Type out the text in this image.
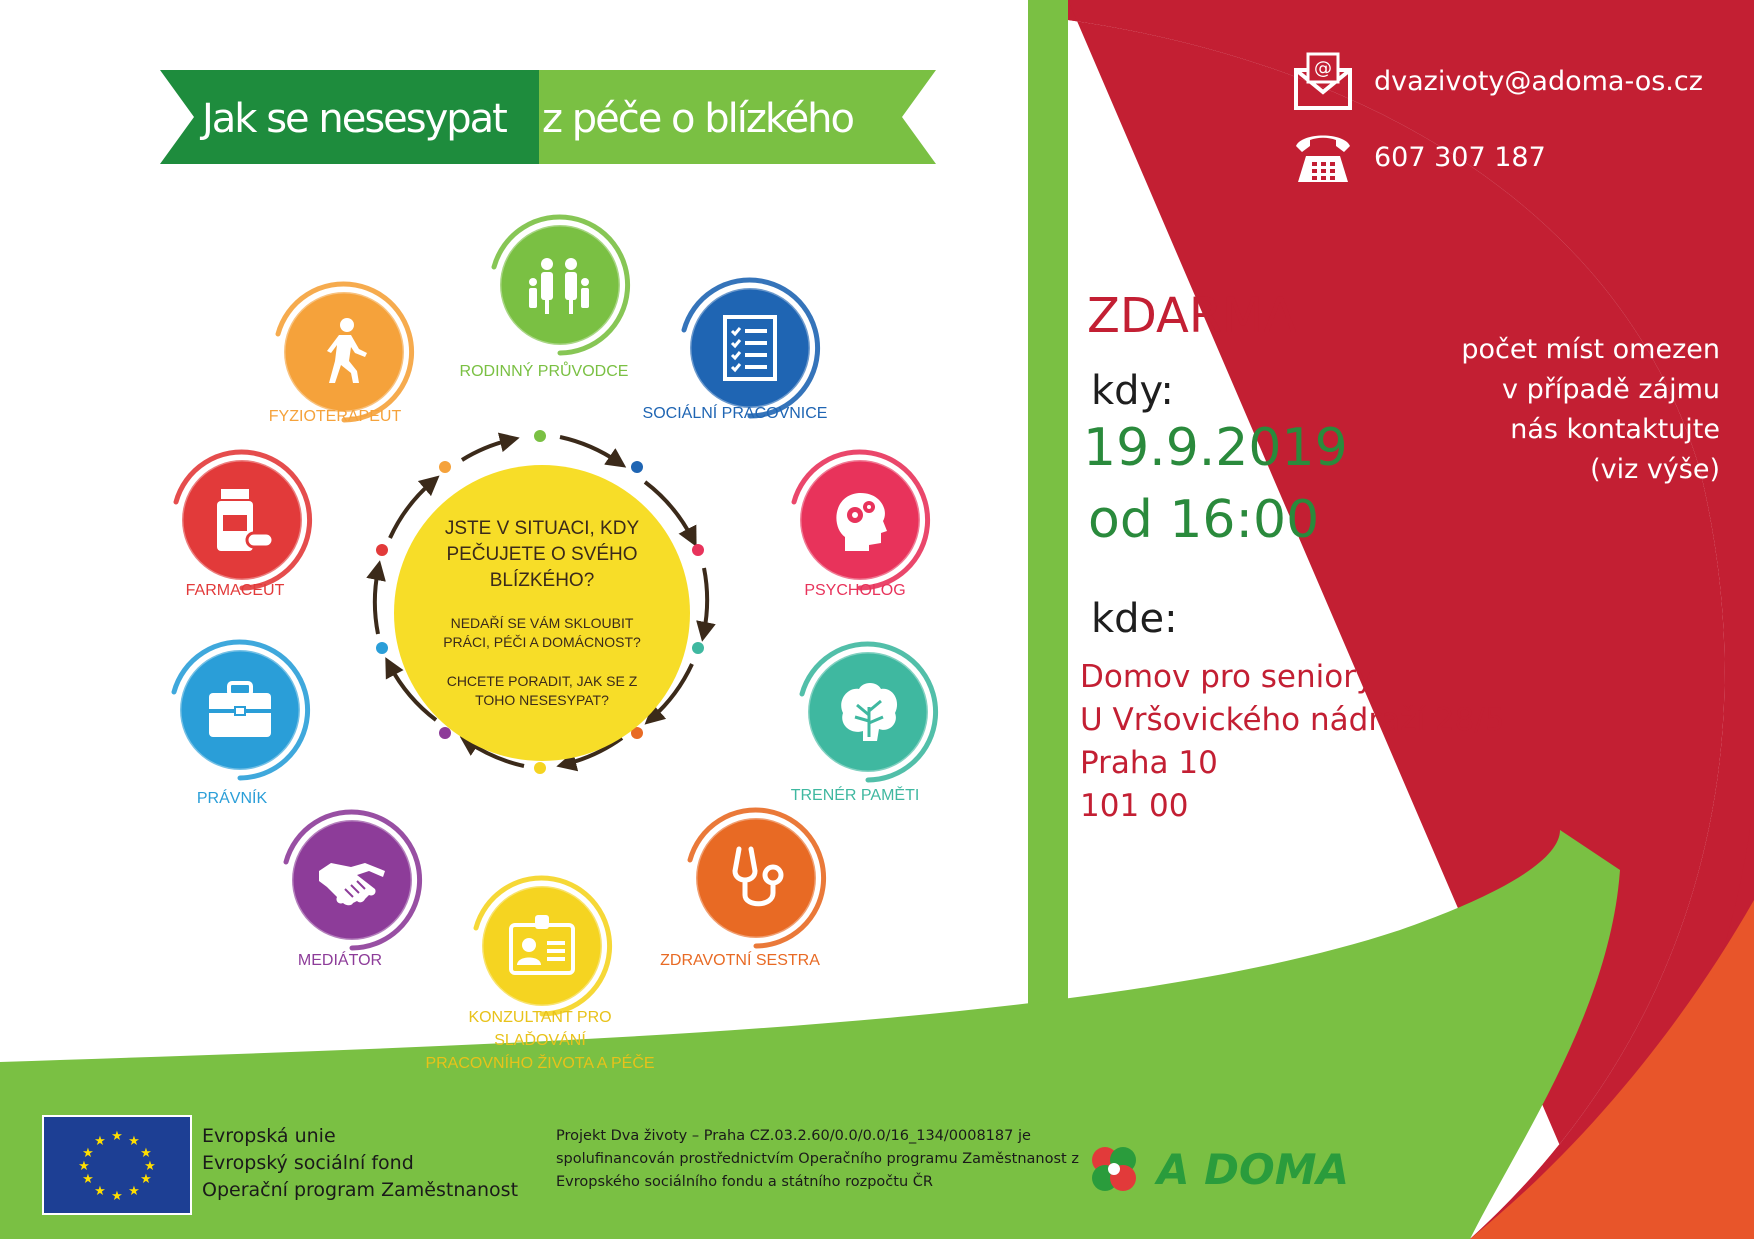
Jak se nesesypat z péče o blízkého
JSTE V SITUACI, KDY PEČUJETE O SVÉHO BLÍZKÉHO?
NEDAŘÍ SE VÁM SKLOUBIT PRÁCI, PÉČI A DOMÁCNOST?
CHCETE PORADIT, JAK SE Z TOHO NESESYPAT?
RODINNÝ PRŮVODCE
SOCIÁLNÍ PRACOVNICE
PSYCHOLOG
TRENÉR PAMĚTI
ZDRAVOTNÍ SESTRA
KONZULTANT PRO
SLAĎOVÁNÍ
PRACOVNÍHO ŽIVOTA A PÉČE
MEDIÁTOR
PRÁVNÍK
FARMACEUT
FYZIOTERAPEUT
@ dvazivoty@adoma-os.cz
607 307 187
ZDARMA
kdy:
19.9.2019
od 16:00
kde:
Domov pro seniory
U Vršovického nádraží 28/5
Praha 10
101 00
počet míst omezen
v případě zájmu
nás kontaktujte
(viz výše)
★ ★
★
★
★
★
★
★
★
★
★
★	Evropská unie
Evropský sociální fond
Operační program Zaměstnanost
Projekt Dva životy – Praha CZ.03.2.60/0.0/0.0/16_134/0008187 je spolufinancován prostřednictvím Operačního programu Zaměstnanost z Evropského sociálního fondu a státního rozpočtu ČR	A DOMA
